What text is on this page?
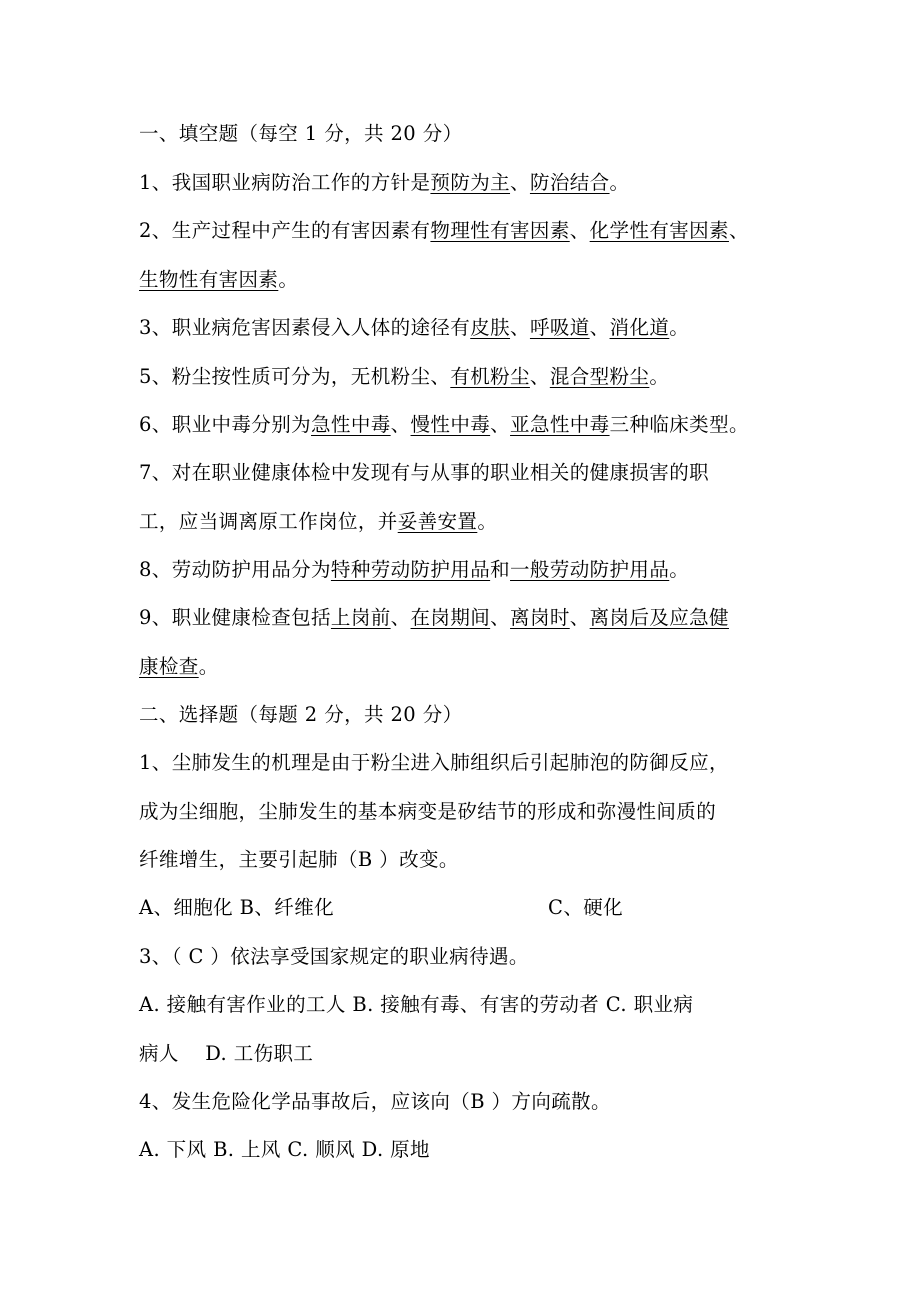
一、填空题（每空 1 分，共 20 分）
1、我国职业病防治工作的方针是预防为主、防治结合。
2、生产过程中产生的有害因素有物理性有害因素、化学性有害因素、
生物性有害因素。
3、职业病危害因素侵入人体的途径有皮肤、呼吸道、消化道。
5、粉尘按性质可分为，无机粉尘、有机粉尘、混合型粉尘。
6、职业中毒分别为急性中毒、慢性中毒、亚急性中毒三种临床类型。
7、对在职业健康体检中发现有与从事的职业相关的健康损害的职
工，应当调离原工作岗位，并妥善安置。
8、劳动防护用品分为特种劳动防护用品和一般劳动防护用品。
9、职业健康检查包括上岗前、在岗期间、离岗时、离岗后及应急健
康检查。
二、选择题（每题 2 分，共 20 分）
1、尘肺发生的机理是由于粉尘进入肺组织后引起肺泡的防御反应，
成为尘细胞，尘肺发生的基本病变是矽结节的形成和弥漫性间质的
纤维增生，主要引起肺（B ）改变。
A、细胞化 B、纤维化	C、硬化
3、（ C ）依法享受国家规定的职业病待遇。
A. 接触有害作业的工人 B. 接触有毒、有害的劳动者 C. 职业病
病人    D. 工伤职工
4、发生危险化学品事故后，应该向（B ）方向疏散。
A. 下风 B. 上风 C. 顺风 D. 原地
